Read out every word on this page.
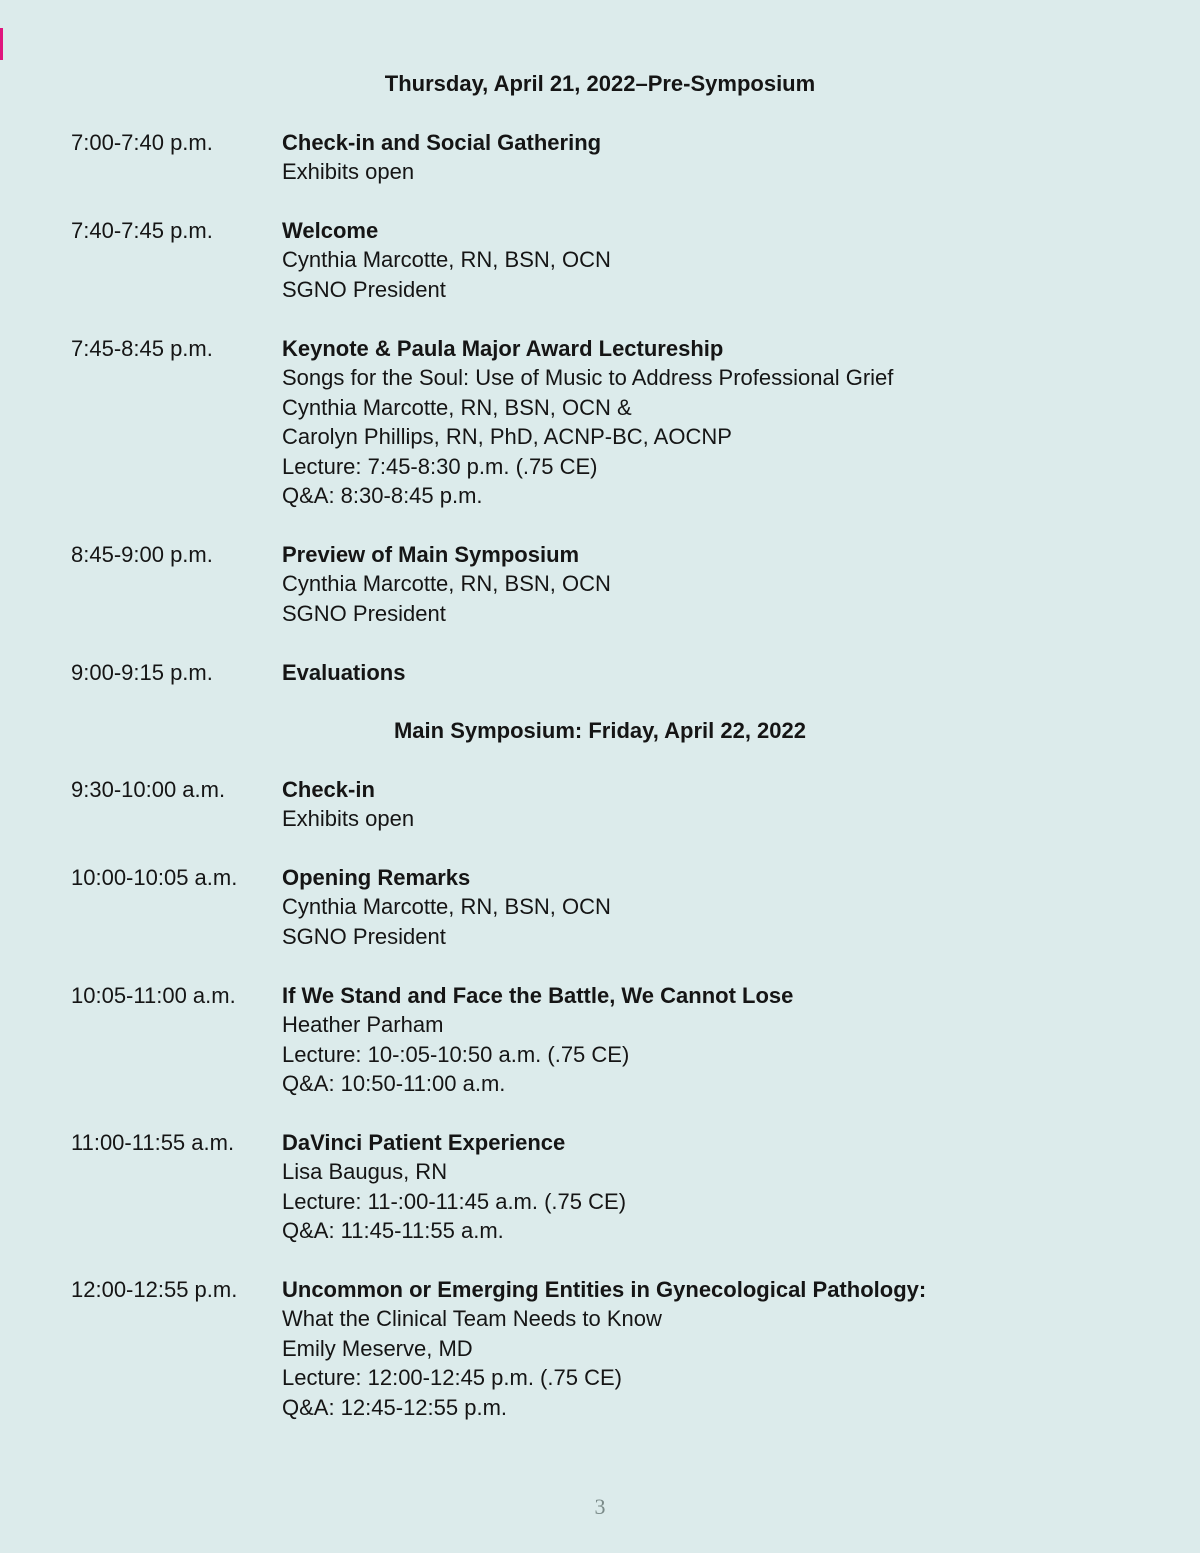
Thursday, April 21, 2022–Pre-Symposium
7:00-7:40 p.m.	Check-in and Social Gathering
Exhibits open
7:40-7:45 p.m.	Welcome
Cynthia Marcotte, RN, BSN, OCN
SGNO President
7:45-8:45 p.m.	Keynote & Paula Major Award Lectureship
Songs for the Soul: Use of Music to Address Professional Grief
Cynthia Marcotte, RN, BSN, OCN &
Carolyn Phillips, RN, PhD, ACNP-BC, AOCNP
Lecture: 7:45-8:30 p.m. (.75 CE)
Q&A: 8:30-8:45 p.m.
8:45-9:00 p.m.	Preview of Main Symposium
Cynthia Marcotte, RN, BSN, OCN
SGNO President
9:00-9:15 p.m.	Evaluations
Main Symposium: Friday, April 22, 2022
9:30-10:00 a.m.	Check-in
Exhibits open
10:00-10:05 a.m. Opening Remarks
Cynthia Marcotte, RN, BSN, OCN
SGNO President
10:05-11:00 a.m. If We Stand and Face the Battle, We Cannot Lose
Heather Parham
Lecture: 10-:05-10:50 a.m. (.75 CE)
Q&A: 10:50-11:00 a.m.
11:00-11:55 a.m. DaVinci Patient Experience
Lisa Baugus, RN
Lecture: 11-:00-11:45 a.m. (.75 CE)
Q&A: 11:45-11:55 a.m.
12:00-12:55 p.m. Uncommon or Emerging Entities in Gynecological Pathology:
What the Clinical Team Needs to Know
Emily Meserve, MD
Lecture: 12:00-12:45 p.m. (.75 CE)
Q&A: 12:45-12:55 p.m.
3
